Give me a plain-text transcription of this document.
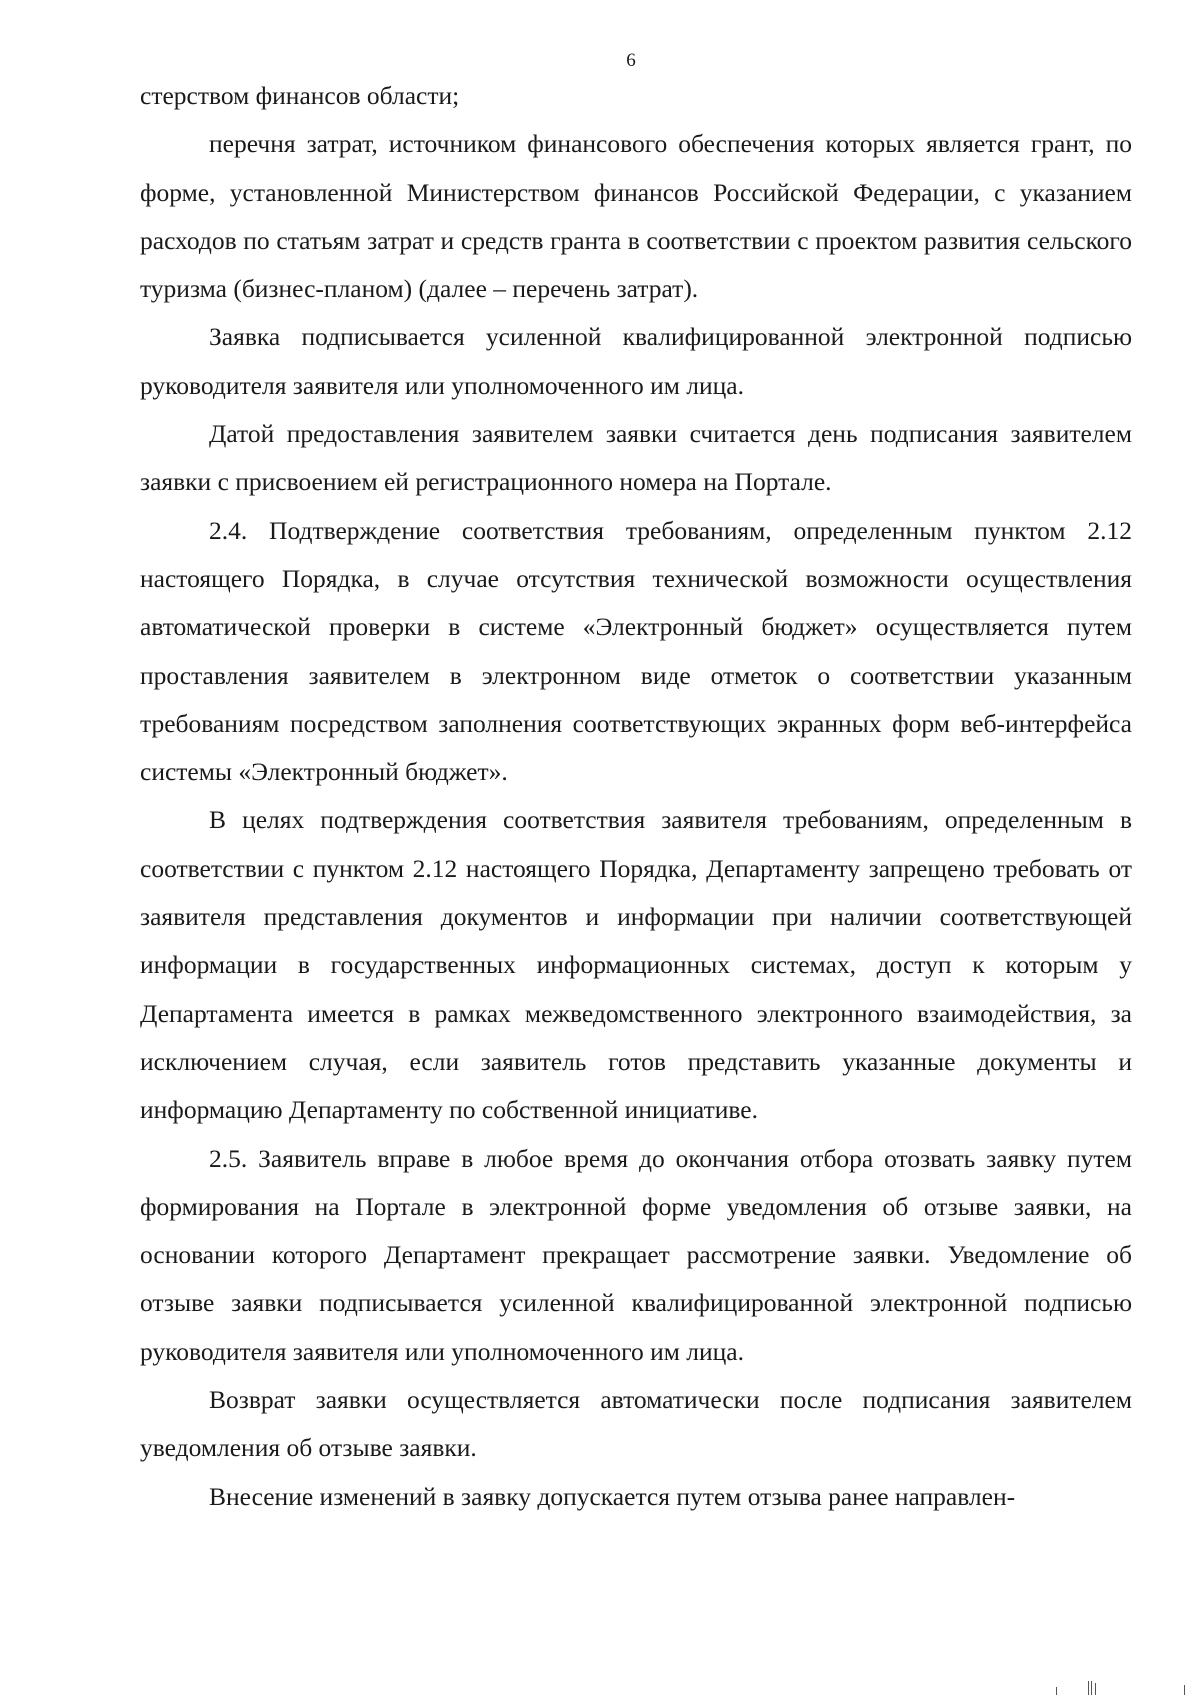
6

стерством финансов области;

перечня затрат, источником финансового обеспечения которых является грант, по форме, установленной Министерством финансов Российской Федерации, с указанием расходов по статьям затрат и средств гранта в соответствии с проектом развития сельского туризма (бизнес-планом) (далее – перечень затрат).

Заявка подписывается усиленной квалифицированной электронной подписью руководителя заявителя или уполномоченного им лица.

Датой предоставления заявителем заявки считается день подписания заявителем заявки с присвоением ей регистрационного номера на Портале.

2.4. Подтверждение соответствия требованиям, определенным пунктом 2.12 настоящего Порядка, в случае отсутствия технической возможности осуществления автоматической проверки в системе «Электронный бюджет» осуществляется путем проставления заявителем в электронном виде отметок о соответствии указанным требованиям посредством заполнения соответствующих экранных форм веб-интерфейса системы «Электронный бюджет».

В целях подтверждения соответствия заявителя требованиям, определенным в соответствии с пунктом 2.12 настоящего Порядка, Департаменту запрещено требовать от заявителя представления документов и информации при наличии соответствующей информации в государственных информационных системах, доступ к которым у Департамента имеется в рамках межведомственного электронного взаимодействия, за исключением случая, если заявитель готов представить указанные документы и информацию Департаменту по собственной инициативе.

2.5. Заявитель вправе в любое время до окончания отбора отозвать заявку путем формирования на Портале в электронной форме уведомления об отзыве заявки, на основании которого Департамент прекращает рассмотрение заявки. Уведомление об отзыве заявки подписывается усиленной квалифицированной электронной подписью руководителя заявителя или уполномоченного им лица.

Возврат заявки осуществляется автоматически после подписания заявителем уведомления об отзыве заявки.

Внесение изменений в заявку допускается путем отзыва ранее направлен-
